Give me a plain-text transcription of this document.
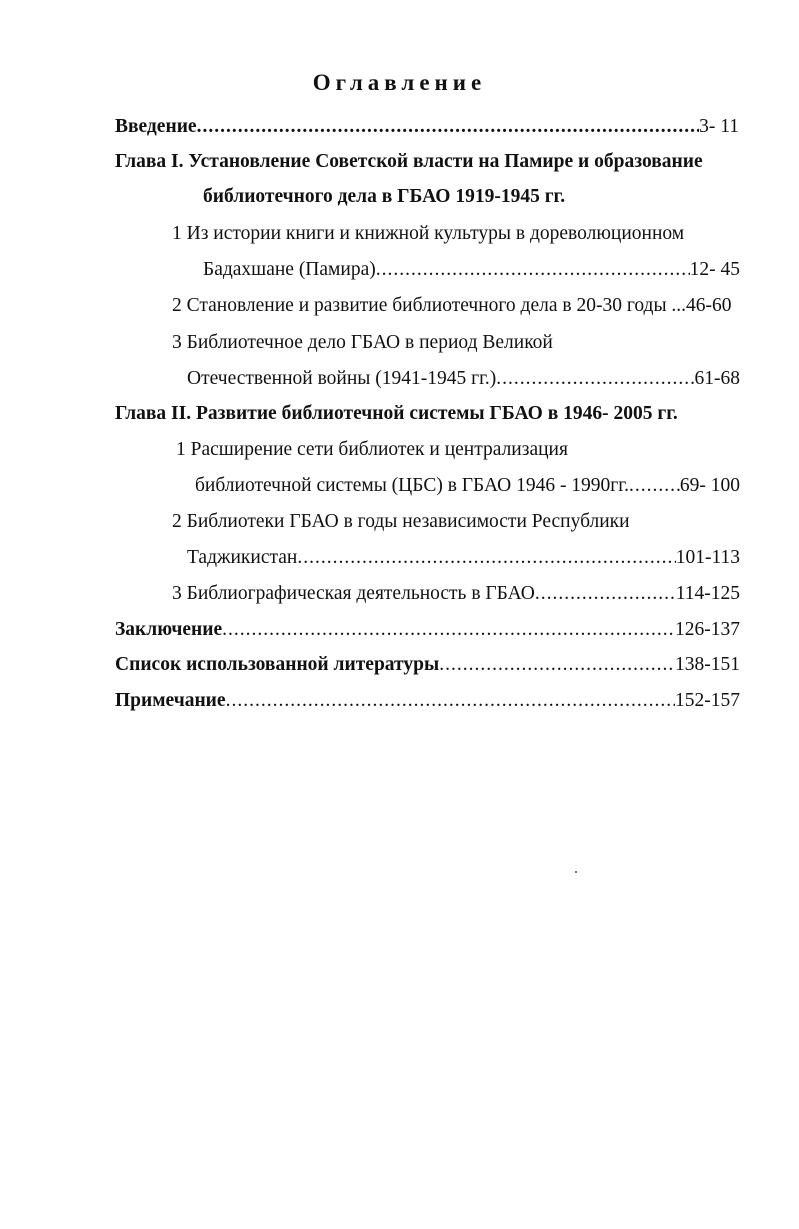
Оглавление
Введение .....	3- 11
Глава I. Установление Советской власти на Памире и образование
библиотечного дела в ГБАО 1919-1945 гг.
1 Из истории книги и книжной культуры в дореволюционном
Бадахшане (Памира) .....	12- 45
2 Становление и развитие библиотечного дела в 20-30 годы ...46-60
3 Библиотечное дело ГБАО в период Великой
Отечественной войны (1941-1945 гг.) .....	61-68
Глава II. Развитие библиотечной системы ГБАО в 1946- 2005 гг.
1 Расширение сети библиотек и централизация
библиотечной системы (ЦБС) в ГБАО 1946 - 1990гг. .....	69- 100
2 Библиотеки ГБАО в годы независимости Республики
Таджикистан .....	101-113
3 Библиографическая деятельность в ГБАО .....	114-125
Заключение .....	126-137
Список использованной литературы .....	138-151
Примечание .....	152-157
